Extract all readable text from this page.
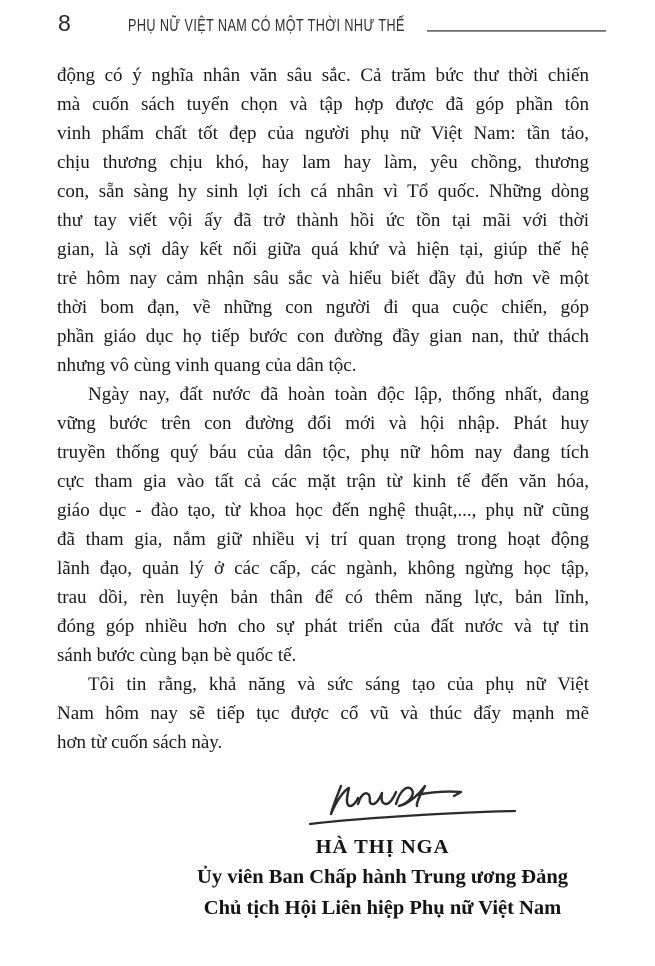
8	PHỤ NỮ VIỆT NAM CÓ MỘT THỜI NHƯ THẾ
động có ý nghĩa nhân văn sâu sắc. Cả trăm bức thư thời chiến
mà cuốn sách tuyển chọn và tập hợp được đã góp phần tôn
vinh phẩm chất tốt đẹp của người phụ nữ Việt Nam: tần tảo,
chịu thương chịu khó, hay lam hay làm, yêu chồng, thương
con, sẵn sàng hy sinh lợi ích cá nhân vì Tổ quốc. Những dòng
thư tay viết vội ấy đã trở thành hồi ức tồn tại mãi với thời
gian, là sợi dây kết nối giữa quá khứ và hiện tại, giúp thế hệ
trẻ hôm nay cảm nhận sâu sắc và hiểu biết đầy đủ hơn về một
thời bom đạn, về những con người đi qua cuộc chiến, góp
phần giáo dục họ tiếp bước con đường đầy gian nan, thử thách
nhưng vô cùng vinh quang của dân tộc.
Ngày nay, đất nước đã hoàn toàn độc lập, thống nhất, đang
vững bước trên con đường đổi mới và hội nhập. Phát huy
truyền thống quý báu của dân tộc, phụ nữ hôm nay đang tích
cực tham gia vào tất cả các mặt trận từ kinh tế đến văn hóa,
giáo dục - đào tạo, từ khoa học đến nghệ thuật,..., phụ nữ cũng
đã tham gia, nắm giữ nhiều vị trí quan trọng trong hoạt động
lãnh đạo, quản lý ở các cấp, các ngành, không ngừng học tập,
trau dồi, rèn luyện bản thân để có thêm năng lực, bản lĩnh,
đóng góp nhiều hơn cho sự phát triển của đất nước và tự tin
sánh bước cùng bạn bè quốc tế.
Tôi tin rằng, khả năng và sức sáng tạo của phụ nữ Việt
Nam hôm nay sẽ tiếp tục được cổ vũ và thúc đẩy mạnh mẽ
hơn từ cuốn sách này.
HÀ THỊ NGA
Ủy viên Ban Chấp hành Trung ương Đảng
Chủ tịch Hội Liên hiệp Phụ nữ Việt Nam
